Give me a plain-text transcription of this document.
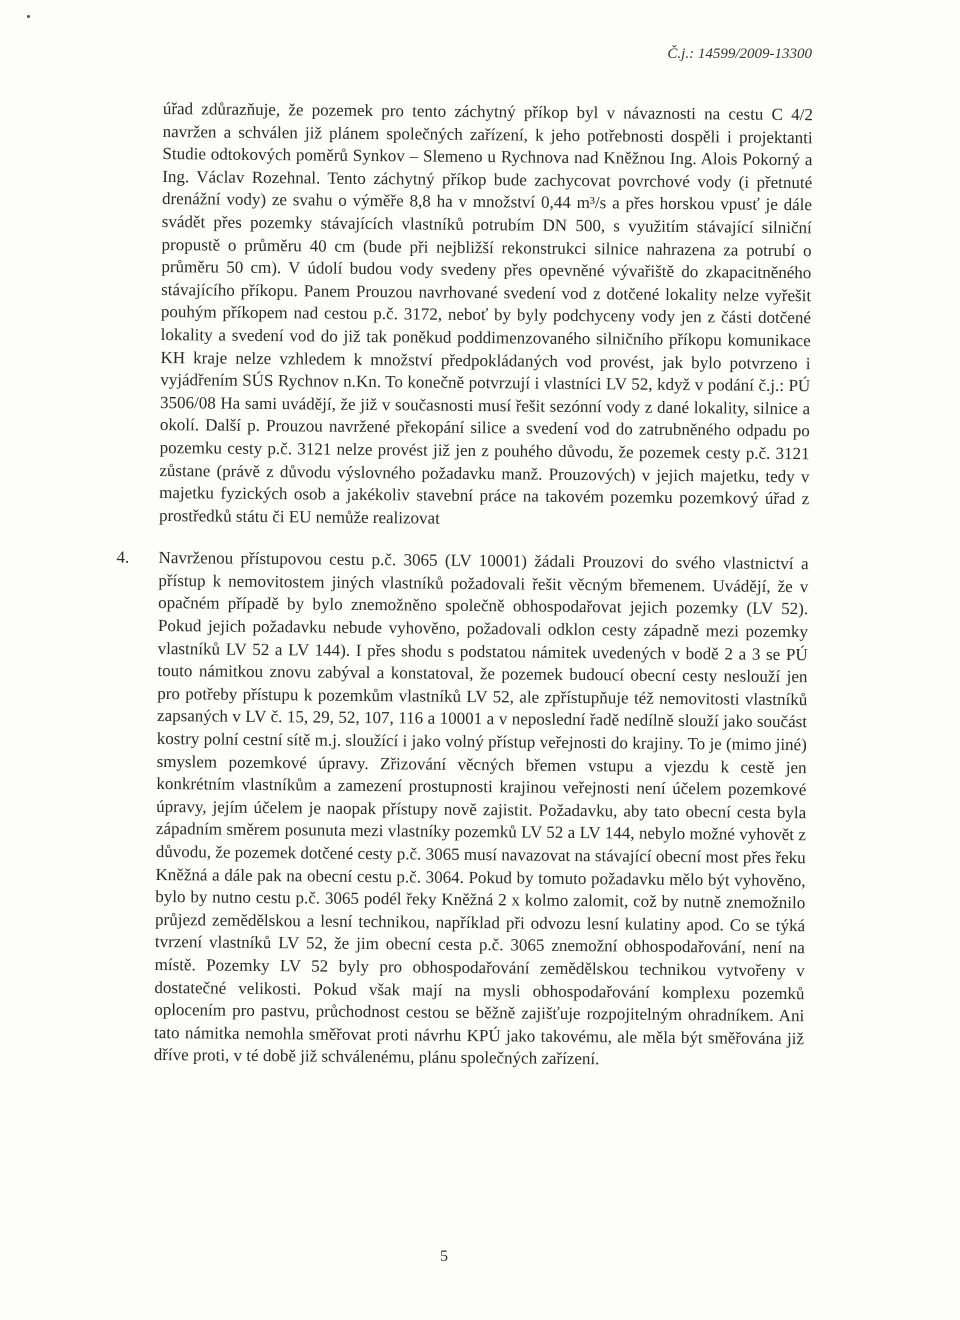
Č.j.: 14599/2009-13300

úřad zdůrazňuje, že pozemek pro tento záchytný příkop byl v návaznosti na cestu C 4/2 navržen a schválen již plánem společných zařízení, k jeho potřebnosti dospěli i projektanti Studie odtokových poměrů Synkov – Slemeno u Rychnova nad Kněžnou Ing. Alois Pokorný a Ing. Václav Rozehnal. Tento záchytný příkop bude zachycovat povrchové vody (i přetnuté drenážní vody) ze svahu o výměře 8,8 ha v množství 0,44 m³/s a přes horskou vpusť je dále svádět přes pozemky stávajících vlastníků potrubím DN 500, s využitím stávající silniční propustě o průměru 40 cm (bude při nejbližší rekonstrukci silnice nahrazena za potrubí o průměru 50 cm). V údolí budou vody svedeny přes opevněné vývařiště do zkapacitněného stávajícího příkopu. Panem Prouzou navrhované svedení vod z dotčené lokality nelze vyřešit pouhým příkopem nad cestou p.č. 3172, neboť by byly podchyceny vody jen z části dotčené lokality a svedení vod do již tak poněkud poddimenzovaného silničního příkopu komunikace KH kraje nelze vzhledem k množství předpokládaných vod provést, jak bylo potvrzeno i vyjádřením SÚS Rychnov n.Kn. To konečně potvrzují i vlastníci LV 52, když v podání č.j.: PÚ 3506/08 Ha sami uvádějí, že již v současnosti musí řešit sezónní vody z dané lokality, silnice a okolí. Další p. Prouzou navržené překopání silice a svedení vod do zatrubněného odpadu po pozemku cesty p.č. 3121 nelze provést již jen z pouhého důvodu, že pozemek cesty p.č. 3121 zůstane (právě z důvodu výslovného požadavku manž. Prouzových) v jejich majetku, tedy v majetku fyzických osob a jakékoliv stavební práce na takovém pozemku pozemkový úřad z prostředků státu či EU nemůže realizovat

4. Navrženou přístupovou cestu p.č. 3065 (LV 10001) žádali Prouzovi do svého vlastnictví a přístup k nemovitostem jiných vlastníků požadovali řešit věcným břemenem. Uvádějí, že v opačném případě by bylo znemožněno společně obhospodařovat jejich pozemky (LV 52). Pokud jejich požadavku nebude vyhověno, požadovali odklon cesty západně mezi pozemky vlastníků LV 52 a LV 144). I přes shodu s podstatou námitek uvedených v bodě 2 a 3 se PÚ touto námitkou znovu zabýval a konstatoval, že pozemek budoucí obecní cesty neslouží jen pro potřeby přístupu k pozemkům vlastníků LV 52, ale zpřístupňuje též nemovitosti vlastníků zapsaných v LV č. 15, 29, 52, 107, 116 a 10001 a v neposlední řadě nedílně slouží jako součást kostry polní cestní sítě m.j. sloužící i jako volný přístup veřejnosti do krajiny. To je (mimo jiné) smyslem pozemkové úpravy. Zřizování věcných břemen vstupu a vjezdu k cestě jen konkrétním vlastníkům a zamezení prostupnosti krajinou veřejnosti není účelem pozemkové úpravy, jejím účelem je naopak přístupy nově zajistit. Požadavku, aby tato obecní cesta byla západním směrem posunuta mezi vlastníky pozemků LV 52 a LV 144, nebylo možné vyhovět z důvodu, že pozemek dotčené cesty p.č. 3065 musí navazovat na stávající obecní most přes řeku Kněžná a dále pak na obecní cestu p.č. 3064. Pokud by tomuto požadavku mělo být vyhověno, bylo by nutno cestu p.č. 3065 podél řeky Kněžná 2 x kolmo zalomit, což by nutně znemožnilo průjezd zemědělskou a lesní technikou, například při odvozu lesní kulatiny apod. Co se týká tvrzení vlastníků LV 52, že jim obecní cesta p.č. 3065 znemožní obhospodařování, není na místě. Pozemky LV 52 byly pro obhospodařování zemědělskou technikou vytvořeny v dostatečné velikosti. Pokud však mají na mysli obhospodařování komplexu pozemků oplocením pro pastvu, průchodnost cestou se běžně zajišťuje rozpojitelným ohradníkem. Ani tato námitka nemohla směřovat proti návrhu KPÚ jako takovému, ale měla být směřována již dříve proti, v té době již schválenému, plánu společných zařízení.

5
